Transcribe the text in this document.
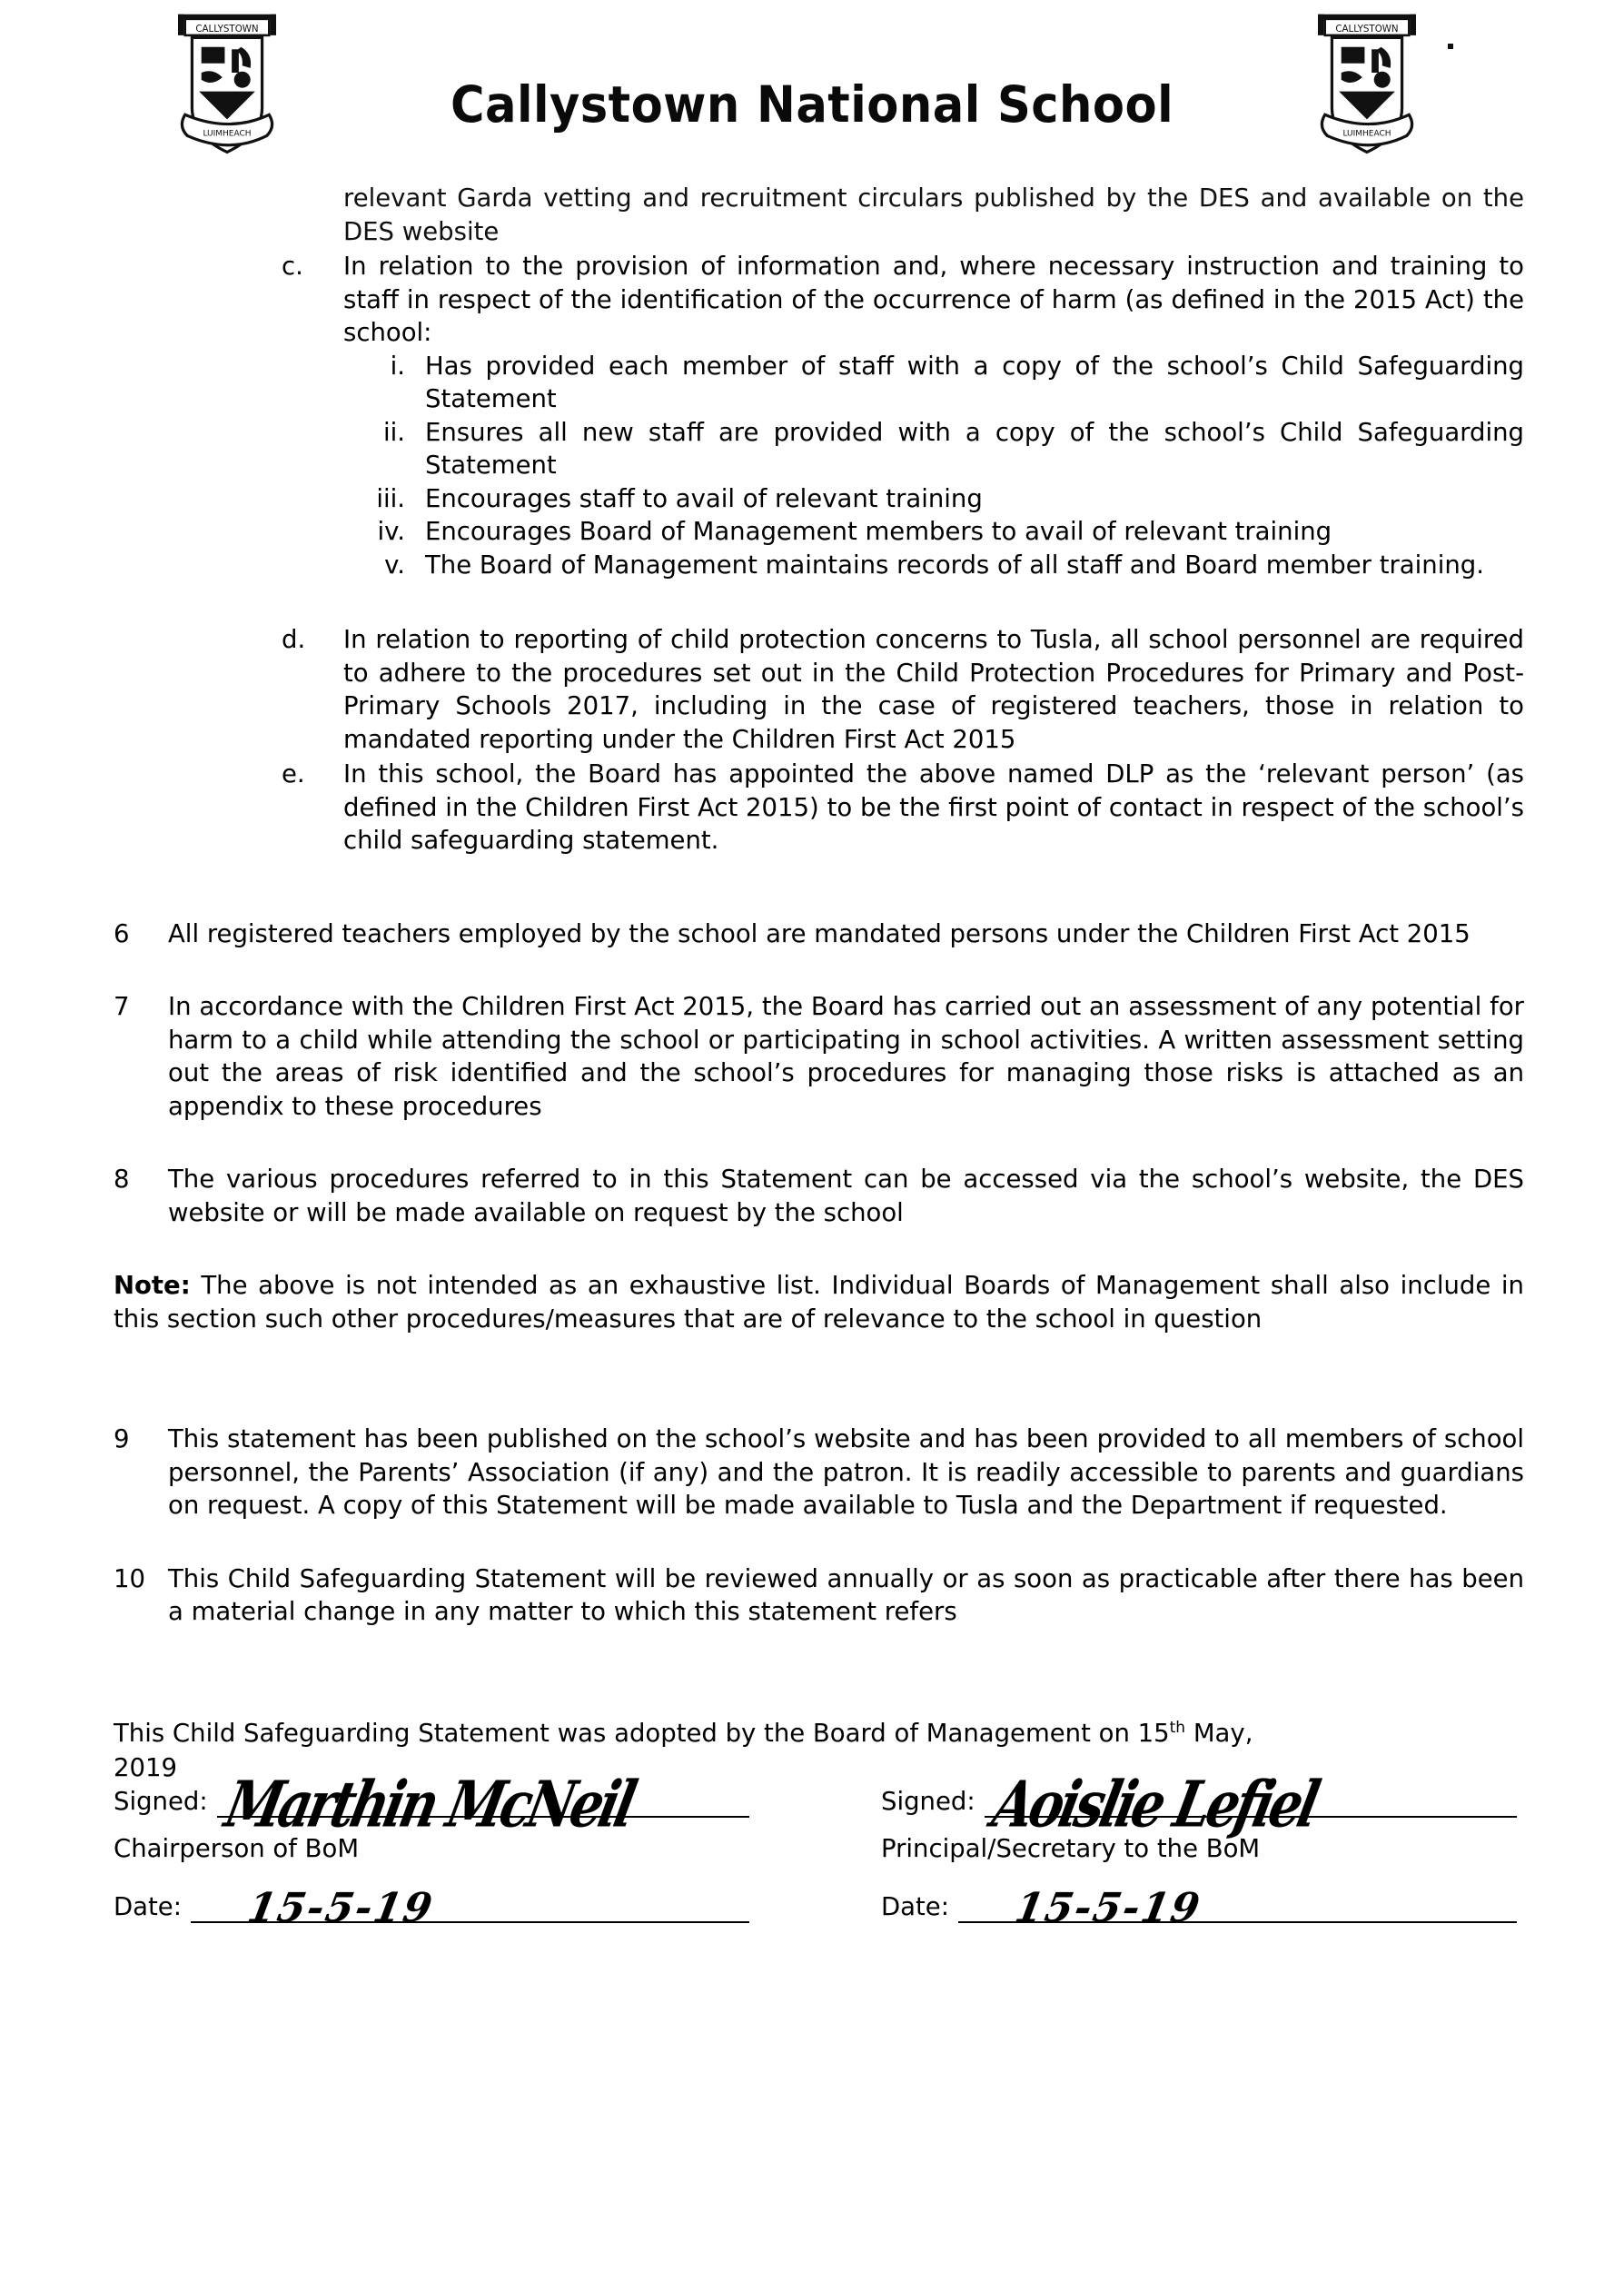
CALLYSTOWN
LUIMHEACH
Callystown National School
CALLYSTOWN
LUIMHEACH
relevant Garda vetting and recruitment circulars published by the DES and available on the DES website
c.	In relation to the provision of information and, where necessary instruction and training to staff in respect of the identification of the occurrence of harm (as defined in the 2015 Act) the school:
i. Has provided each member of staff with a copy of the school’s Child Safeguarding Statement
ii. Ensures all new staff are provided with a copy of the school’s Child Safeguarding Statement
iii. Encourages staff to avail of relevant training
iv. Encourages Board of Management members to avail of relevant training
v. The Board of Management maintains records of all staff and Board member training.
d.	In relation to reporting of child protection concerns to Tusla, all school personnel are required to adhere to the procedures set out in the Child Protection Procedures for Primary and Post-Primary Schools 2017, including in the case of registered teachers, those in relation to mandated reporting under the Children First Act 2015
e.	In this school, the Board has appointed the above named DLP as the ‘relevant person’ (as defined in the Children First Act 2015) to be the first point of contact in respect of the school’s child safeguarding statement.
6	All registered teachers employed by the school are mandated persons under the Children First Act 2015
7	In accordance with the Children First Act 2015, the Board has carried out an assessment of any potential for harm to a child while attending the school or participating in school activities. A written assessment setting out the areas of risk identified and the school’s procedures for managing those risks is attached as an appendix to these procedures
8	The various procedures referred to in this Statement can be accessed via the school’s website, the DES website or will be made available on request by the school
Note: The above is not intended as an exhaustive list. Individual Boards of Management shall also include in this section such other procedures/measures that are of relevance to the school in question
9	This statement has been published on the school’s website and has been provided to all members of school personnel, the Parents’ Association (if any) and the patron. It is readily accessible to parents and guardians on request. A copy of this Statement will be made available to Tusla and the Department if requested.
10 This Child Safeguarding Statement will be reviewed annually or as soon as practicable after there has been a material change in any matter to which this statement refers
This Child Safeguarding Statement was adopted by the Board of Management on 15th May,
2019
Signed: Marthin McNeil
Chairperson of BoM
Date: 15-5-19
Signed: Aoislie Lefiel
Principal/Secretary to the BoM
Date: 15-5-19
